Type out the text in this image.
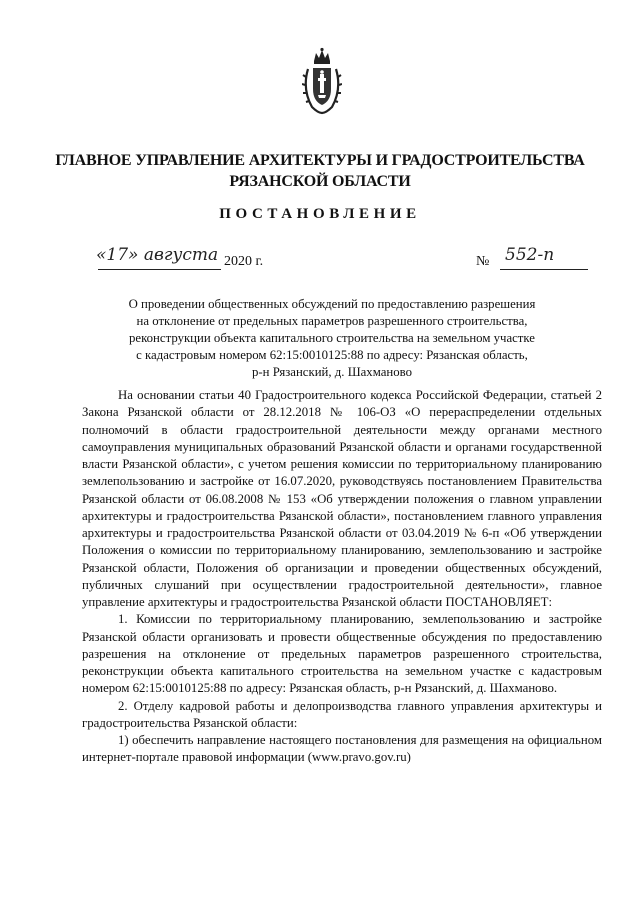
ГЛАВНОЕ УПРАВЛЕНИЕ АРХИТЕКТУРЫ И ГРАДОСТРОИТЕЛЬСТВА

РЯЗАНСКОЙ ОБЛАСТИ

ПОСТАНОВЛЕНИЕ

«17» августа 2020 г.	№ 552-п
О проведении общественных обсуждений по предоставлению разрешения
на отклонение от предельных параметров разрешенного строительства,
реконструкции объекта капитального строительства на земельном участке
с кадастровым номером 62:15:0010125:88 по адресу: Рязанская область,
р-н Рязанский, д. Шахманово

На основании статьи 40 Градостроительного кодекса Российской Федерации, статьей 2 Закона Рязанской области от 28.12.2018 № 106-ОЗ «О перераспределении отдельных полномочий в области градостроительной деятельности между органами местного самоуправления муниципальных образований Рязанской области и органами государственной власти Рязанской области», с учетом решения комиссии по территориальному планированию землепользованию и застройке от 16.07.2020, руководствуясь постановлением Правительства Рязанской области от 06.08.2008 № 153 «Об утверждении положения о главном управлении архитектуры и градостроительства Рязанской области», постановлением главного управления архитектуры и градостроительства Рязанской области от 03.04.2019 № 6-п «Об утверждении Положения о комиссии по территориальному планированию, землепользованию и застройке Рязанской области, Положения об организации и проведении общественных обсуждений, публичных слушаний при осуществлении градостроительной деятельности», главное управление архитектуры и градостроительства Рязанской области ПОСТАНОВЛЯЕТ:

1. Комиссии по территориальному планированию, землепользованию и застройке Рязанской области организовать и провести общественные обсуждения по предоставлению разрешения на отклонение от предельных параметров разрешенного строительства, реконструкции объекта капитального строительства на земельном участке с кадастровым номером 62:15:0010125:88 по адресу: Рязанская область, р-н Рязанский, д. Шахманово.

2. Отделу кадровой работы и делопроизводства главного управления архитектуры и градостроительства Рязанской области:

1) обеспечить направление настоящего постановления для размещения на официальном интернет-портале правовой информации (www.pravo.gov.ru)
